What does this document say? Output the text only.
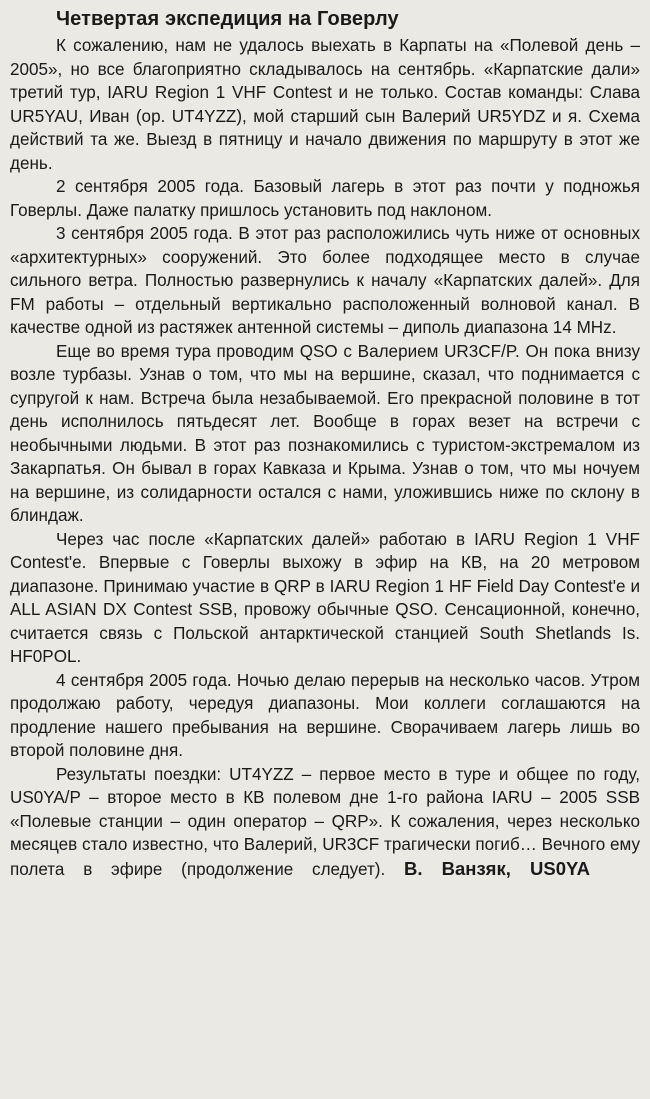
Четвертая экспедиция на Говерлу

К сожалению, нам не удалось выехать в Карпаты на «Полевой день – 2005», но все благоприятно складывалось на сентябрь. «Карпатские дали» третий тур, IARU Region 1 VHF Contest и не только. Состав команды: Слава UR5YAU, Иван (ор. UT4YZZ), мой старший сын Валерий UR5YDZ и я. Схема действий та же. Выезд в пятницу и начало движения по маршруту в этот же день.

2 сентября 2005 года. Базовый лагерь в этот раз почти у подножья Говерлы. Даже палатку пришлось установить под наклоном.

3 сентября 2005 года. В этот раз расположились чуть ниже от основных «архитектурных» сооружений. Это более подходящее место в случае сильного ветра. Полностью развернулись к началу «Карпатских далей». Для FM работы – отдельный вертикально расположенный волновой канал. В качестве одной из растяжек антенной системы – диполь диапазона 14 MHz.

Еще во время тура проводим QSO с Валерием UR3CF/P. Он пока внизу возле турбазы. Узнав о том, что мы на вершине, сказал, что поднимается с супругой к нам. Встреча была незабываемой. Его прекрасной половине в тот день исполнилось пятьдесят лет. Вообще в горах везет на встречи с необычными людьми. В этот раз познакомились с туристом-экстремалом из Закарпатья. Он бывал в горах Кавказа и Крыма. Узнав о том, что мы ночуем на вершине, из солидарности остался с нами, уложившись ниже по склону в блиндаж.

Через час после «Карпатских далей» работаю в IARU Region 1 VHF Contest'e. Впервые с Говерлы выхожу в эфир на КВ, на 20 метровом диапазоне. Принимаю участие в QRP в IARU Region 1 HF Field Day Contest'e и ALL ASIAN DX Contest SSB, провожу обычные QSO. Сенсационной, конечно, считается связь с Польской антарктической станцией South Shetlands Is. HF0POL.

4 сентября 2005 года. Ночью делаю перерыв на несколько часов. Утром продолжаю работу, чередуя диапазоны. Мои коллеги соглашаются на продление нашего пребывания на вершине. Сворачиваем лагерь лишь во второй половине дня.

Результаты поездки: UT4YZZ – первое место в туре и общее по году, US0YA/P – второе место в КВ полевом дне 1-го района IARU – 2005 SSB «Полевые станции – один оператор – QRP». К сожаления, через несколько месяцев стало известно, что Валерий, UR3CF трагически погиб… Вечного ему полета в эфире (продолжение следует). В. Ванзяк, US0YA
